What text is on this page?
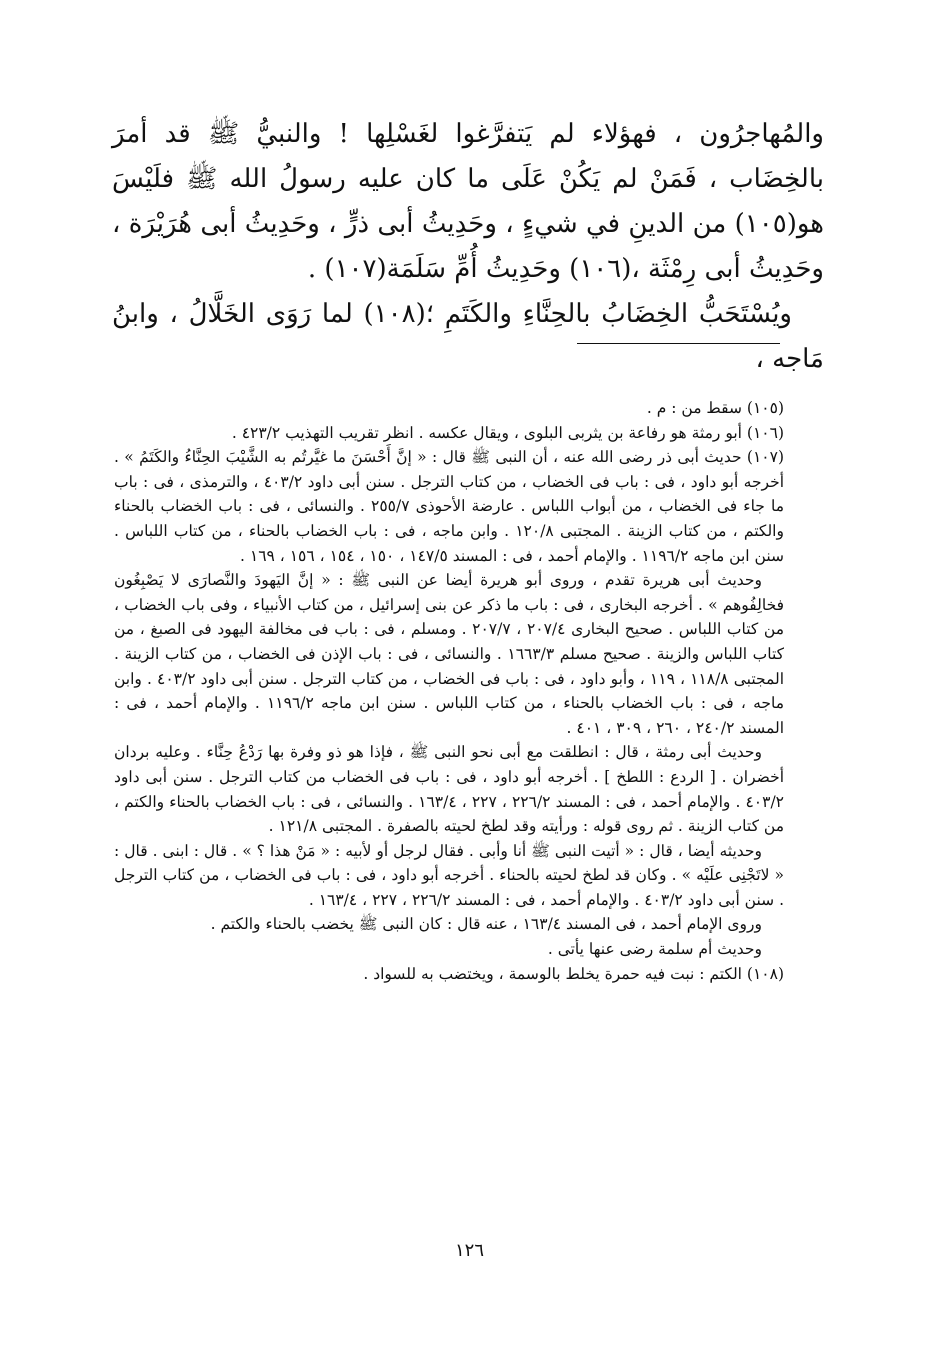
والمُهاجرُون ، فهؤلاء لم يَتفرَّغوا لغَسْلِها ! والنبيُّ ﷺ قد أمرَ بالخِضَاب ، فَمَنْ لم يَكُنْ عَلَى ما كان عليه رسولُ الله ﷺ فلَيْسَ هو(١٠٥) من الدينِ في شيءٍ ، وحَدِيثُ أبى ذرٍّ ، وحَدِيثُ أبى هُرَيْرَة ، وحَدِيثُ أبى رِمْثَة ،(١٠٦) وحَدِيثُ أُمِّ سَلَمَة(١٠٧) .

ويُسْتَحَبُّ الخِضَابُ بالحِنَّاءِ والكَتَمِ ؛(١٠٨) لما رَوَى الخَلَّالُ ، وابنُ مَاجه ،

(١٠٥) سقط من : م .

(١٠٦) أبو رمثة هو رفاعة بن يثربى البلوى ، ويقال عكسه . انظر تقريب التهذيب ٤٢٣/٢ .

(١٠٧) حديث أبى ذر رضى الله عنه ، أن النبى ﷺ قال : « إنَّ أَحْسَنَ ما غيَّرتُم به الشَّيْبَ الحِنَّاءُ والكَتَمُ » . أخرجه أبو داود ، فى : باب فى الخضاب ، من كتاب الترجل . سنن أبى داود ٤٠٣/٢ ، والترمذى ، فى : باب ما جاء فى الخضاب ، من أبواب اللباس . عارضة الأحوذى ٢٥٥/٧ . والنسائى ، فى : باب الخضاب بالحناء والكتم ، من كتاب الزينة . المجتبى ١٢٠/٨ . وابن ماجه ، فى : باب الخضاب بالحناء ، من كتاب اللباس . سنن ابن ماجه ١١٩٦/٢ . والإمام أحمد ، فى : المسند ١٤٧/٥ ، ١٥٠ ، ١٥٤ ، ١٥٦ ، ١٦٩ .

وحديث أبى هريرة تقدم ، وروى أبو هريرة أيضا عن النبى ﷺ : « إنَّ اليَهودَ والنَّصارَى لا يَصْبِغُون فخالِفُوهم » . أخرجه البخارى ، فى : باب ما ذكر عن بنى إسرائيل ، من كتاب الأنبياء ، وفى باب الخضاب ، من كتاب اللباس . صحيح البخارى ٢٠٧/٤ ، ٢٠٧/٧ . ومسلم ، فى : باب فى مخالفة اليهود فى الصبغ ، من كتاب اللباس والزينة . صحيح مسلم ١٦٦٣/٣ . والنسائى ، فى : باب الإذن فى الخضاب ، من كتاب الزينة . المجتبى ١١٨/٨ ، ١١٩ ، وأبو داود ، فى : باب فى الخضاب ، من كتاب الترجل . سنن أبى داود ٤٠٣/٢ . وابن ماجه ، فى : باب الخضاب بالحناء ، من كتاب اللباس . سنن ابن ماجه ١١٩٦/٢ . والإمام أحمد ، فى : المسند ٢٤٠/٢ ، ٢٦٠ ، ٣٠٩ ، ٤٠١ .

وحديث أبى رمثة ، قال : انطلقت مع أبى نحو النبى ﷺ ، فإذا هو ذو وفرة بها رَدْعُ حِنَّاء . وعليه بردان أخضران . [ الردع : اللطخ ] . أخرجه أبو داود ، فى : باب فى الخضاب من كتاب الترجل . سنن أبى داود ٤٠٣/٢ . والإمام أحمد ، فى : المسند ٢٢٦/٢ ، ٢٢٧ ، ١٦٣/٤ . والنسائى ، فى : باب الخضاب بالحناء والكتم ، من كتاب الزينة . ثم روى قوله : ورأيته وقد لطخ لحيته بالصفرة . المجتبى ١٢١/٨ .

وحديثه أيضا ، قال : « أتيت النبى ﷺ أنا وأبى . فقال لرجل أو لأبيه : « مَنْ هذا ؟ » . قال : ابنى . قال : « لاتَجْنِى علَيْه » . وكان قد لطخ لحيته بالحناء . أخرجه أبو داود ، فى : باب فى الخضاب ، من كتاب الترجل . سنن أبى داود ٤٠٣/٢ . والإمام أحمد ، فى : المسند ٢٢٦/٢ ، ٢٢٧ ، ١٦٣/٤ .

وروى الإمام أحمد ، فى المسند ١٦٣/٤ ، عنه قال : كان النبى ﷺ يخضب بالحناء والكتم .

وحديث أم سلمة رضى عنها يأتى .

(١٠٨) الكتم : نبت فيه حمرة يخلط بالوسمة ، ويختضب به للسواد .

١٢٦
